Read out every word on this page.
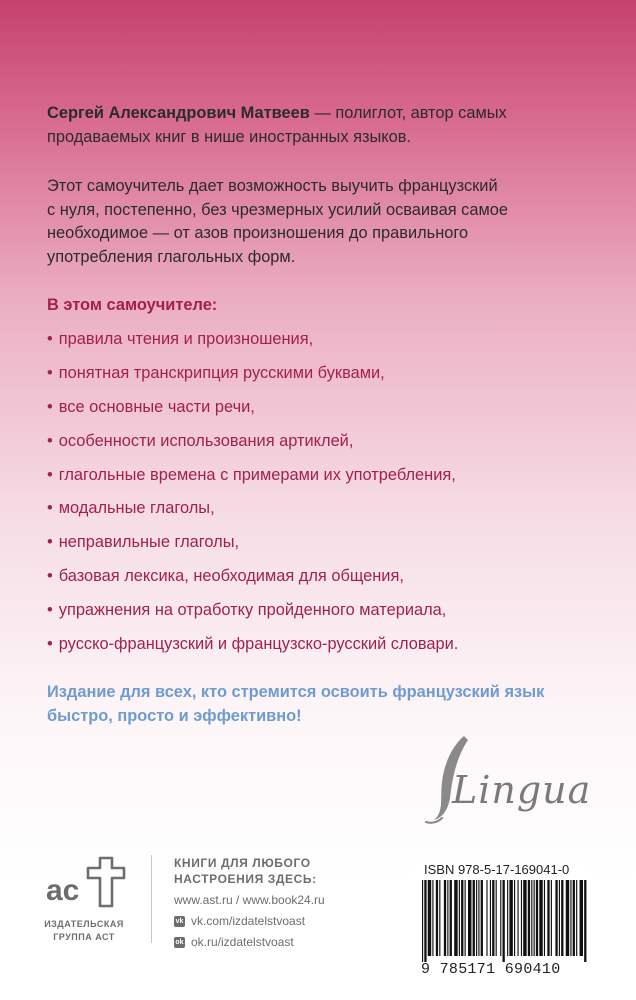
Сергей Александрович Матвеев — полиглот, автор самых
продаваемых книг в нише иностранных языков.
Этот самоучитель дает возможность выучить французский
с нуля, постепенно, без чрезмерных усилий осваивая самое
необходимое — от азов произношения до правильного
употребления глагольных форм.
В этом самоучителе:
• правила чтения и произношения,
• понятная транскрипция русскими буквами,
• все основные части речи,
• особенности использования артиклей,
• глагольные времена с примерами их употребления,
• модальные глаголы,
• неправильные глаголы,
• базовая лексика, необходимая для общения,
• упражнения на отработку пройденного материала,
• русско-французский и французско-русский словари.
Издание для всех, кто стремится освоить французский язык
быстро, просто и эффективно!
Lingua
ac
ИЗДАТЕЛЬСКАЯ
ГРУППА АСТ
КНИГИ ДЛЯ ЛЮБОГО
НАСТРОЕНИЯ ЗДЕСЬ:
www.ast.ru / www.book24.ru
vk vk.com/izdatelstvoast
ok ok.ru/izdatelstvoast
ISBN 978-5-17-169041-0
9 785171 690410
